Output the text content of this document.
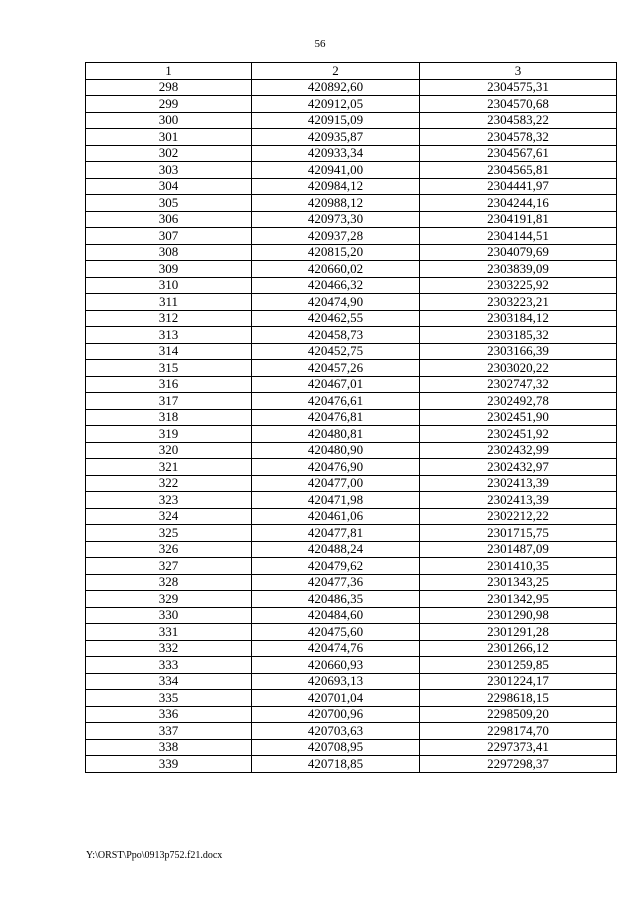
56
1	2	3
298	420892,60	2304575,31
299	420912,05	2304570,68
300	420915,09	2304583,22
301	420935,87	2304578,32
302	420933,34	2304567,61
303	420941,00	2304565,81
304	420984,12	2304441,97
305	420988,12	2304244,16
306	420973,30	2304191,81
307	420937,28	2304144,51
308	420815,20	2304079,69
309	420660,02	2303839,09
310	420466,32	2303225,92
311	420474,90	2303223,21
312	420462,55	2303184,12
313	420458,73	2303185,32
314	420452,75	2303166,39
315	420457,26	2303020,22
316	420467,01	2302747,32
317	420476,61	2302492,78
318	420476,81	2302451,90
319	420480,81	2302451,92
320	420480,90	2302432,99
321	420476,90	2302432,97
322	420477,00	2302413,39
323	420471,98	2302413,39
324	420461,06	2302212,22
325	420477,81	2301715,75
326	420488,24	2301487,09
327	420479,62	2301410,35
328	420477,36	2301343,25
329	420486,35	2301342,95
330	420484,60	2301290,98
331	420475,60	2301291,28
332	420474,76	2301266,12
333	420660,93	2301259,85
334	420693,13	2301224,17
335	420701,04	2298618,15
336	420700,96	2298509,20
337	420703,63	2298174,70
338	420708,95	2297373,41
339	420718,85	2297298,37
Y:\ORST\Ppo\0913p752.f21.docx
